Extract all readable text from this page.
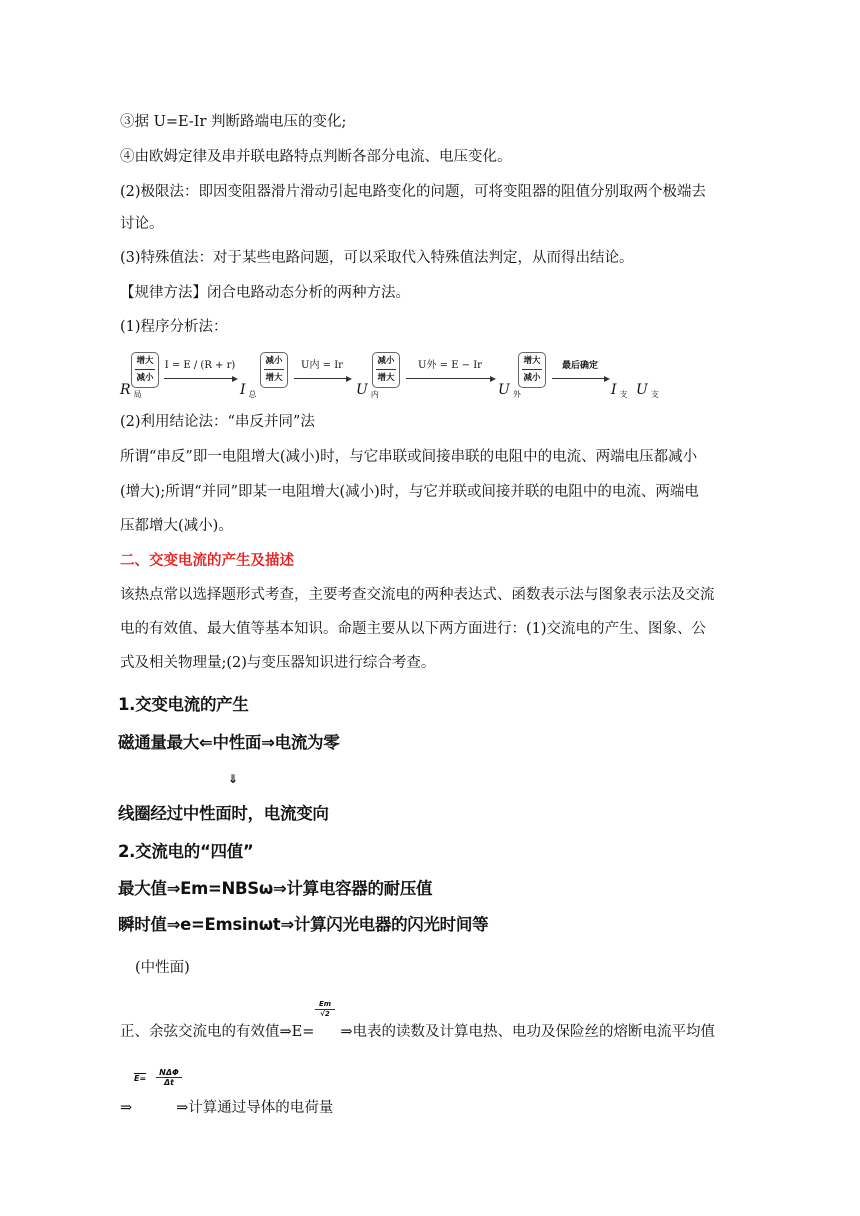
③据 U=E-Ir 判断路端电压的变化;
④由欧姆定律及串并联电路特点判断各部分电流、电压变化。
(2)极限法：即因变阻器滑片滑动引起电路变化的问题，可将变阻器的阻值分别取两个极端去
讨论。
(3)特殊值法：对于某些电路问题，可以采取代入特殊值法判定，从而得出结论。
【规律方法】闭合电路动态分析的两种方法。
(1)程序分析法：
R $_局$
增大
减小
I = E / (R + r)
I $_总$
减小
增大
U内 = Ir
U $_内$
减小
增大
U外 = E − Ir
U $_外$
增大
减小
最后确定
I $_支$ U $_支$
(2)利用结论法：“串反并同”法
所谓“串反”即一电阻增大(减小)时，与它串联或间接串联的电阻中的电流、两端电压都减小
(增大);所谓“并同”即某一电阻增大(减小)时，与它并联或间接并联的电阻中的电流、两端电
压都增大(减小)。
二、交变电流的产生及描述
该热点常以选择题形式考查，主要考查交流电的两种表达式、函数表示法与图象表示法及交流
电的有效值、最大值等基本知识。命题主要从以下两方面进行：(1)交流电的产生、图象、公
式及相关物理量;(2)与变压器知识进行综合考查。
1.交变电流的产生
磁通量最大⇐中性面⇒电流为零
⇓
线圈经过中性面时，电流变向
2.交流电的“四值”
最大值⇒Em=NBSω⇒计算电容器的耐压值
瞬时值⇒e=Emsinωt⇒计算闪光电器的闪光时间等
(中性面)
正、余弦交流电的有效值⇒E= ⇒电表的读数及计算电热、电功及保险丝的熔断电流平均值
Em
√2
⇒	⇒计算通过导体的电荷量
E=
NΔΦ
Δt
